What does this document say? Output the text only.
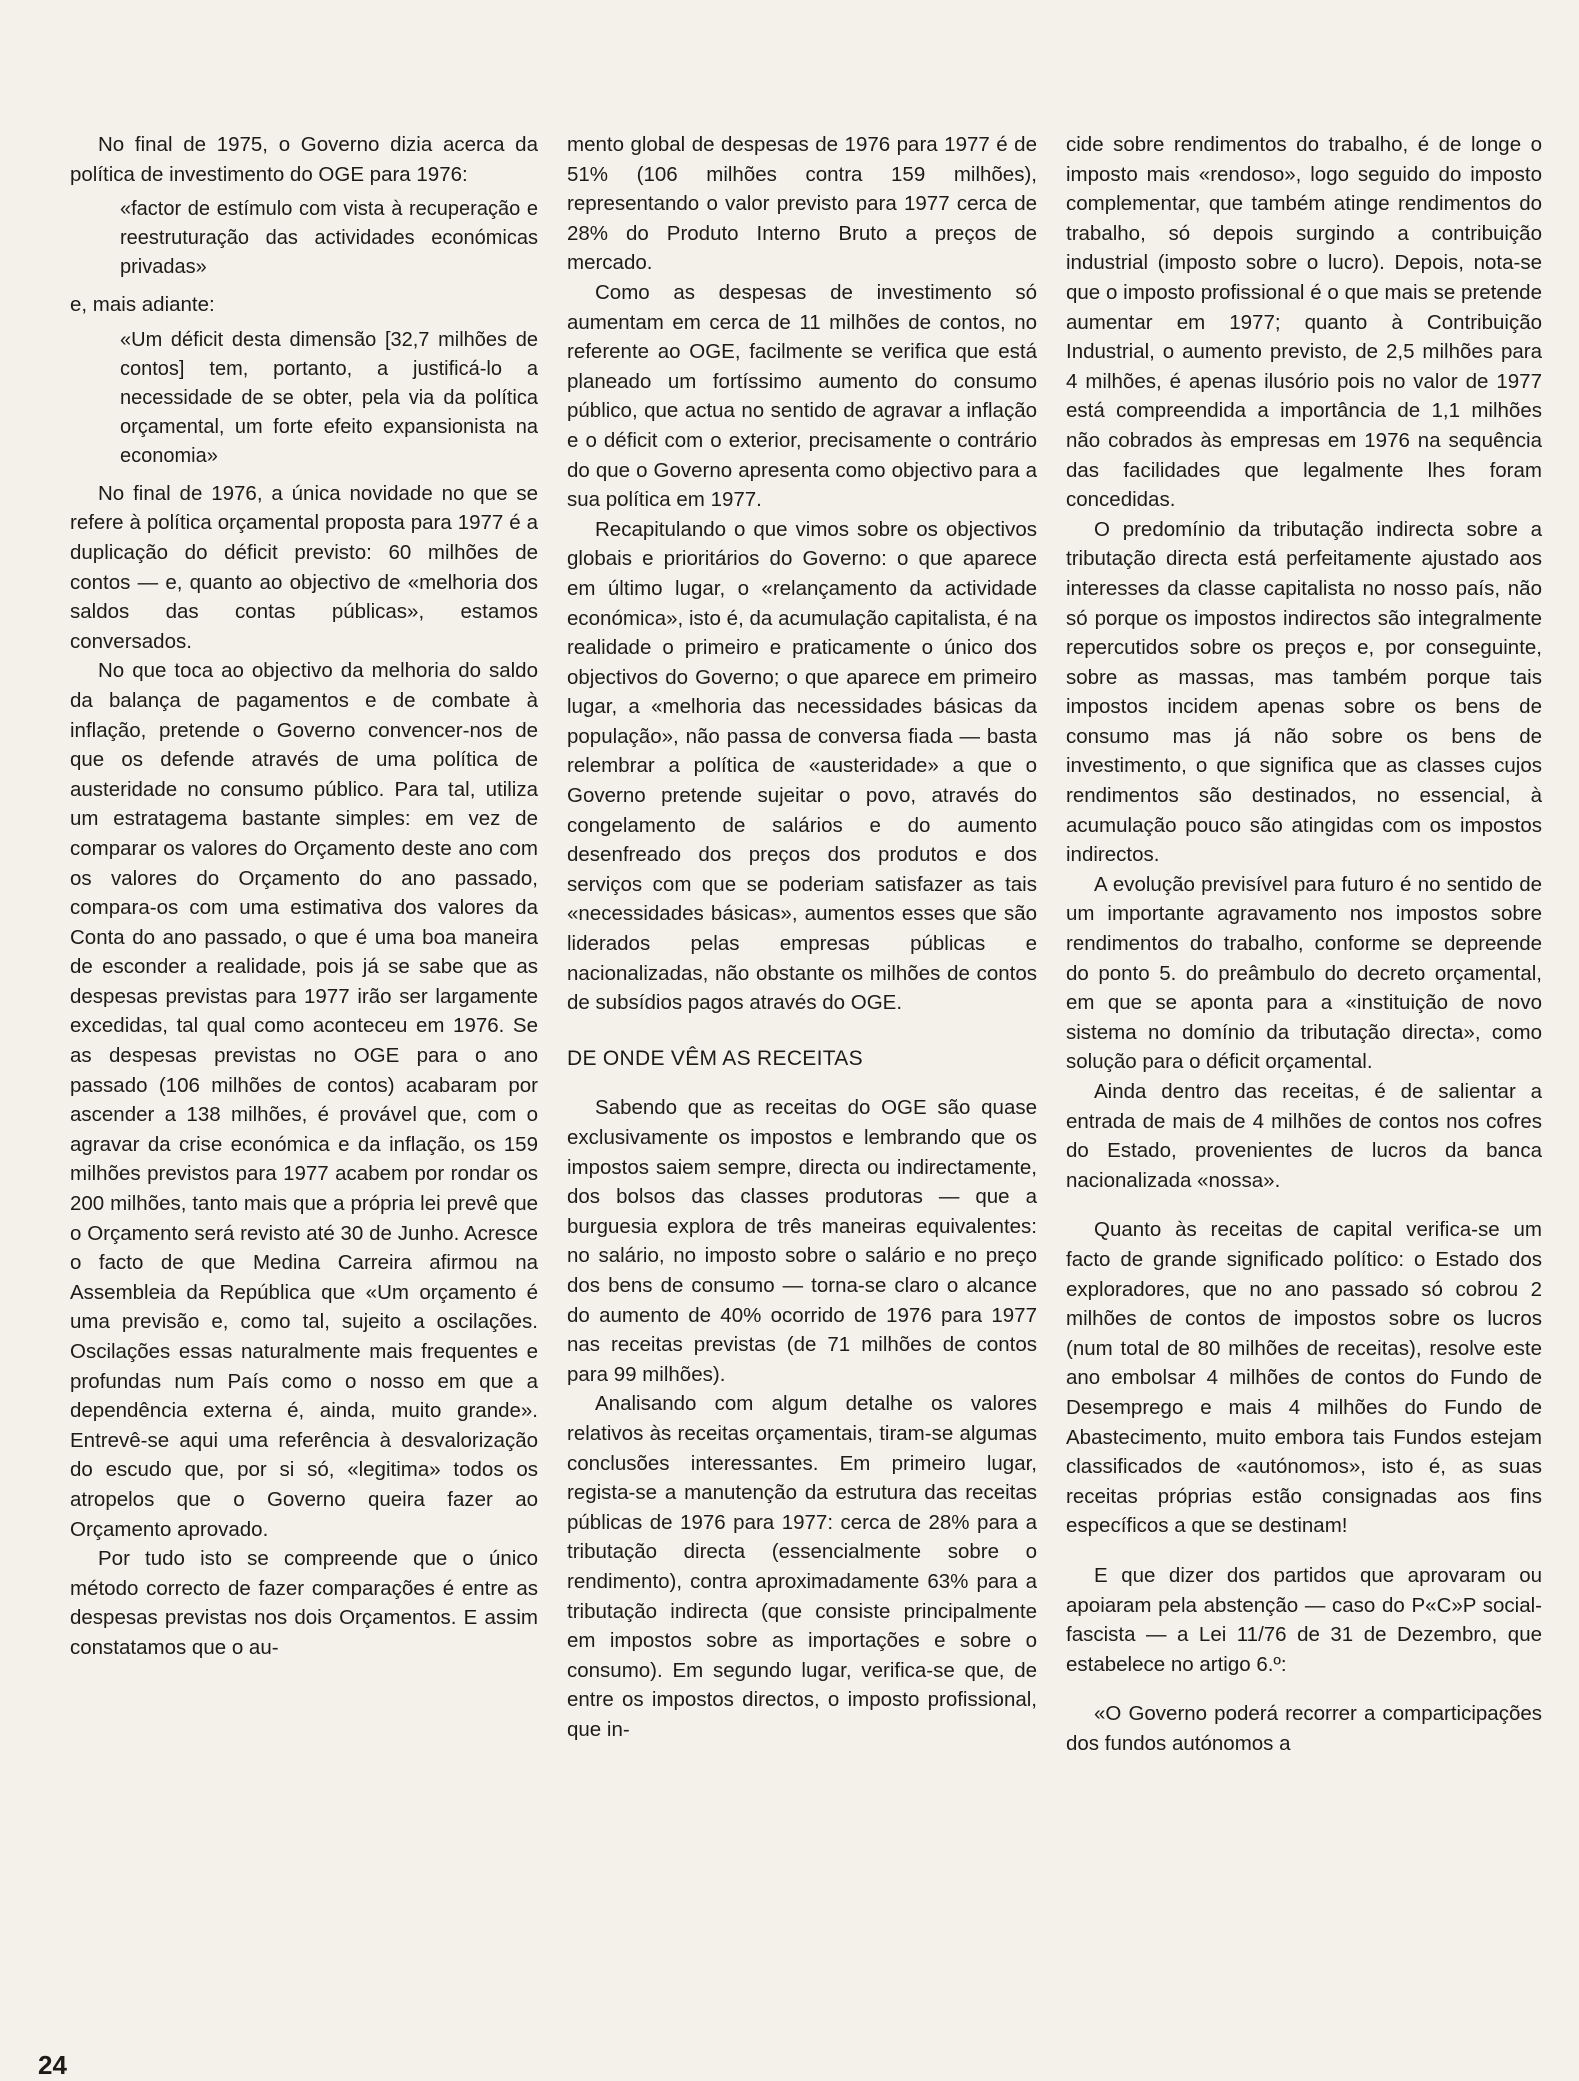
No final de 1975, o Governo dizia acerca da política de investimento do OGE para 1976:

«factor de estímulo com vista à recuperação e reestruturação das actividades económicas privadas»

e, mais adiante:

«Um déficit desta dimensão [32,7 milhões de contos] tem, portanto, a justificá-lo a necessidade de se obter, pela via da política orçamental, um forte efeito expansionista na economia»

No final de 1976, a única novidade no que se refere à política orçamental proposta para 1977 é a duplicação do déficit previsto: 60 milhões de contos — e, quanto ao objectivo de «melhoria dos saldos das contas públicas», estamos conversados.

No que toca ao objectivo da melhoria do saldo da balança de pagamentos e de combate à inflação, pretende o Governo convencer-nos de que os defende através de uma política de austeridade no consumo público. Para tal, utiliza um estratagema bastante simples: em vez de comparar os valores do Orçamento deste ano com os valores do Orçamento do ano passado, compara-os com uma estimativa dos valores da Conta do ano passado, o que é uma boa maneira de esconder a realidade, pois já se sabe que as despesas previstas para 1977 irão ser largamente excedidas, tal qual como aconteceu em 1976. Se as despesas previstas no OGE para o ano passado (106 milhões de contos) acabaram por ascender a 138 milhões, é provável que, com o agravar da crise económica e da inflação, os 159 milhões previstos para 1977 acabem por rondar os 200 milhões, tanto mais que a própria lei prevê que o Orçamento será revisto até 30 de Junho. Acresce o facto de que Medina Carreira afirmou na Assembleia da República que «Um orçamento é uma previsão e, como tal, sujeito a oscilações. Oscilações essas naturalmente mais frequentes e profundas num País como o nosso em que a dependência externa é, ainda, muito grande». Entrevê-se aqui uma referência à desvalorização do escudo que, por si só, «legitima» todos os atropelos que o Governo queira fazer ao Orçamento aprovado.

Por tudo isto se compreende que o único método correcto de fazer comparações é entre as despesas previstas nos dois Orçamentos. E assim constatamos que o au-

mento global de despesas de 1976 para 1977 é de 51% (106 milhões contra 159 milhões), representando o valor previsto para 1977 cerca de 28% do Produto Interno Bruto a preços de mercado.

Como as despesas de investimento só aumentam em cerca de 11 milhões de contos, no referente ao OGE, facilmente se verifica que está planeado um fortíssimo aumento do consumo público, que actua no sentido de agravar a inflação e o déficit com o exterior, precisamente o contrário do que o Governo apresenta como objectivo para a sua política em 1977.

Recapitulando o que vimos sobre os objectivos globais e prioritários do Governo: o que aparece em último lugar, o «relançamento da actividade económica», isto é, da acumulação capitalista, é na realidade o primeiro e praticamente o único dos objectivos do Governo; o que aparece em primeiro lugar, a «melhoria das necessidades básicas da população», não passa de conversa fiada — basta relembrar a política de «austeridade» a que o Governo pretende sujeitar o povo, através do congelamento de salários e do aumento desenfreado dos preços dos produtos e dos serviços com que se poderiam satisfazer as tais «necessidades básicas», aumentos esses que são liderados pelas empresas públicas e nacionalizadas, não obstante os milhões de contos de subsídios pagos através do OGE.

DE ONDE VÊM AS RECEITAS

Sabendo que as receitas do OGE são quase exclusivamente os impostos e lembrando que os impostos saiem sempre, directa ou indirectamente, dos bolsos das classes produtoras — que a burguesia explora de três maneiras equivalentes: no salário, no imposto sobre o salário e no preço dos bens de consumo — torna-se claro o alcance do aumento de 40% ocorrido de 1976 para 1977 nas receitas previstas (de 71 milhões de contos para 99 milhões).

Analisando com algum detalhe os valores relativos às receitas orçamentais, tiram-se algumas conclusões interessantes. Em primeiro lugar, regista-se a manutenção da estrutura das receitas públicas de 1976 para 1977: cerca de 28% para a tributação directa (essencialmente sobre o rendimento), contra aproximadamente 63% para a tributação indirecta (que consiste principalmente em impostos sobre as importações e sobre o consumo). Em segundo lugar, verifica-se que, de entre os impostos directos, o imposto profissional, que in-

cide sobre rendimentos do trabalho, é de longe o imposto mais «rendoso», logo seguido do imposto complementar, que também atinge rendimentos do trabalho, só depois surgindo a contribuição industrial (imposto sobre o lucro). Depois, nota-se que o imposto profissional é o que mais se pretende aumentar em 1977; quanto à Contribuição Industrial, o aumento previsto, de 2,5 milhões para 4 milhões, é apenas ilusório pois no valor de 1977 está compreendida a importância de 1,1 milhões não cobrados às empresas em 1976 na sequência das facilidades que legalmente lhes foram concedidas.

O predomínio da tributação indirecta sobre a tributação directa está perfeitamente ajustado aos interesses da classe capitalista no nosso país, não só porque os impostos indirectos são integralmente repercutidos sobre os preços e, por conseguinte, sobre as massas, mas também porque tais impostos incidem apenas sobre os bens de consumo mas já não sobre os bens de investimento, o que significa que as classes cujos rendimentos são destinados, no essencial, à acumulação pouco são atingidas com os impostos indirectos.

A evolução previsível para futuro é no sentido de um importante agravamento nos impostos sobre rendimentos do trabalho, conforme se depreende do ponto 5. do preâmbulo do decreto orçamental, em que se aponta para a «instituição de novo sistema no domínio da tributação directa», como solução para o déficit orçamental.

Ainda dentro das receitas, é de salientar a entrada de mais de 4 milhões de contos nos cofres do Estado, provenientes de lucros da banca nacionalizada «nossa».

Quanto às receitas de capital verifica-se um facto de grande significado político: o Estado dos exploradores, que no ano passado só cobrou 2 milhões de contos de impostos sobre os lucros (num total de 80 milhões de receitas), resolve este ano embolsar 4 milhões de contos do Fundo de Desemprego e mais 4 milhões do Fundo de Abastecimento, muito embora tais Fundos estejam classificados de «autónomos», isto é, as suas receitas próprias estão consignadas aos fins específicos a que se destinam!

E que dizer dos partidos que aprovaram ou apoiaram pela abstenção — caso do P«C»P social-fascista — a Lei 11/76 de 31 de Dezembro, que estabelece no artigo 6.º:

«O Governo poderá recorrer a comparticipações dos fundos autónomos a

24
